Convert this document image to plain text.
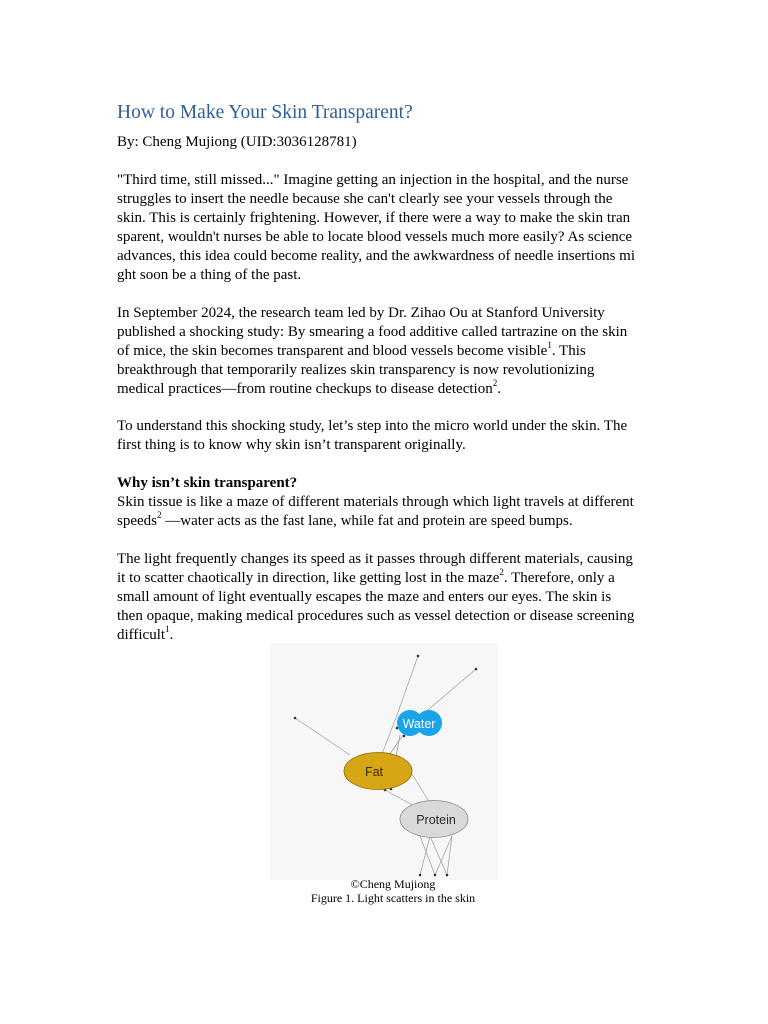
How to Make Your Skin Transparent?
By: Cheng Mujiong (UID:3036128781)
"Third time, still missed..." Imagine getting an injection in the hospital, and the nurse
struggles to insert the needle because she can't clearly see your vessels through the
skin. This is certainly frightening. However, if there were a way to make the skin tran
sparent, wouldn't nurses be able to locate blood vessels much more easily? As science
advances, this idea could become reality, and the awkwardness of needle insertions mi
ght soon be a thing of the past.
In September 2024, the research team led by Dr. Zihao Ou at Stanford University
published a shocking study: By smearing a food additive called tartrazine on the skin
of mice, the skin becomes transparent and blood vessels become visible$^1$. This
breakthrough that temporarily realizes skin transparency is now revolutionizing
medical practices—from routine checkups to disease detection$^2$.
To understand this shocking study, let’s step into the micro world under the skin. The
first thing is to know why skin isn’t transparent originally.
Why isn’t skin transparent?
Skin tissue is like a maze of different materials through which light travels at different
speeds$^2$ —water acts as the fast lane, while fat and protein are speed bumps.
The light frequently changes its speed as it passes through different materials, causing
it to scatter chaotically in direction, like getting lost in the maze$^2$. Therefore, only a
small amount of light eventually escapes the maze and enters our eyes. The skin is
then opaque, making medical procedures such as vessel detection or disease screening
difficult$^1$.
Water
Fat
Protein
©Cheng Mujiong
Figure 1. Light scatters in the skin
